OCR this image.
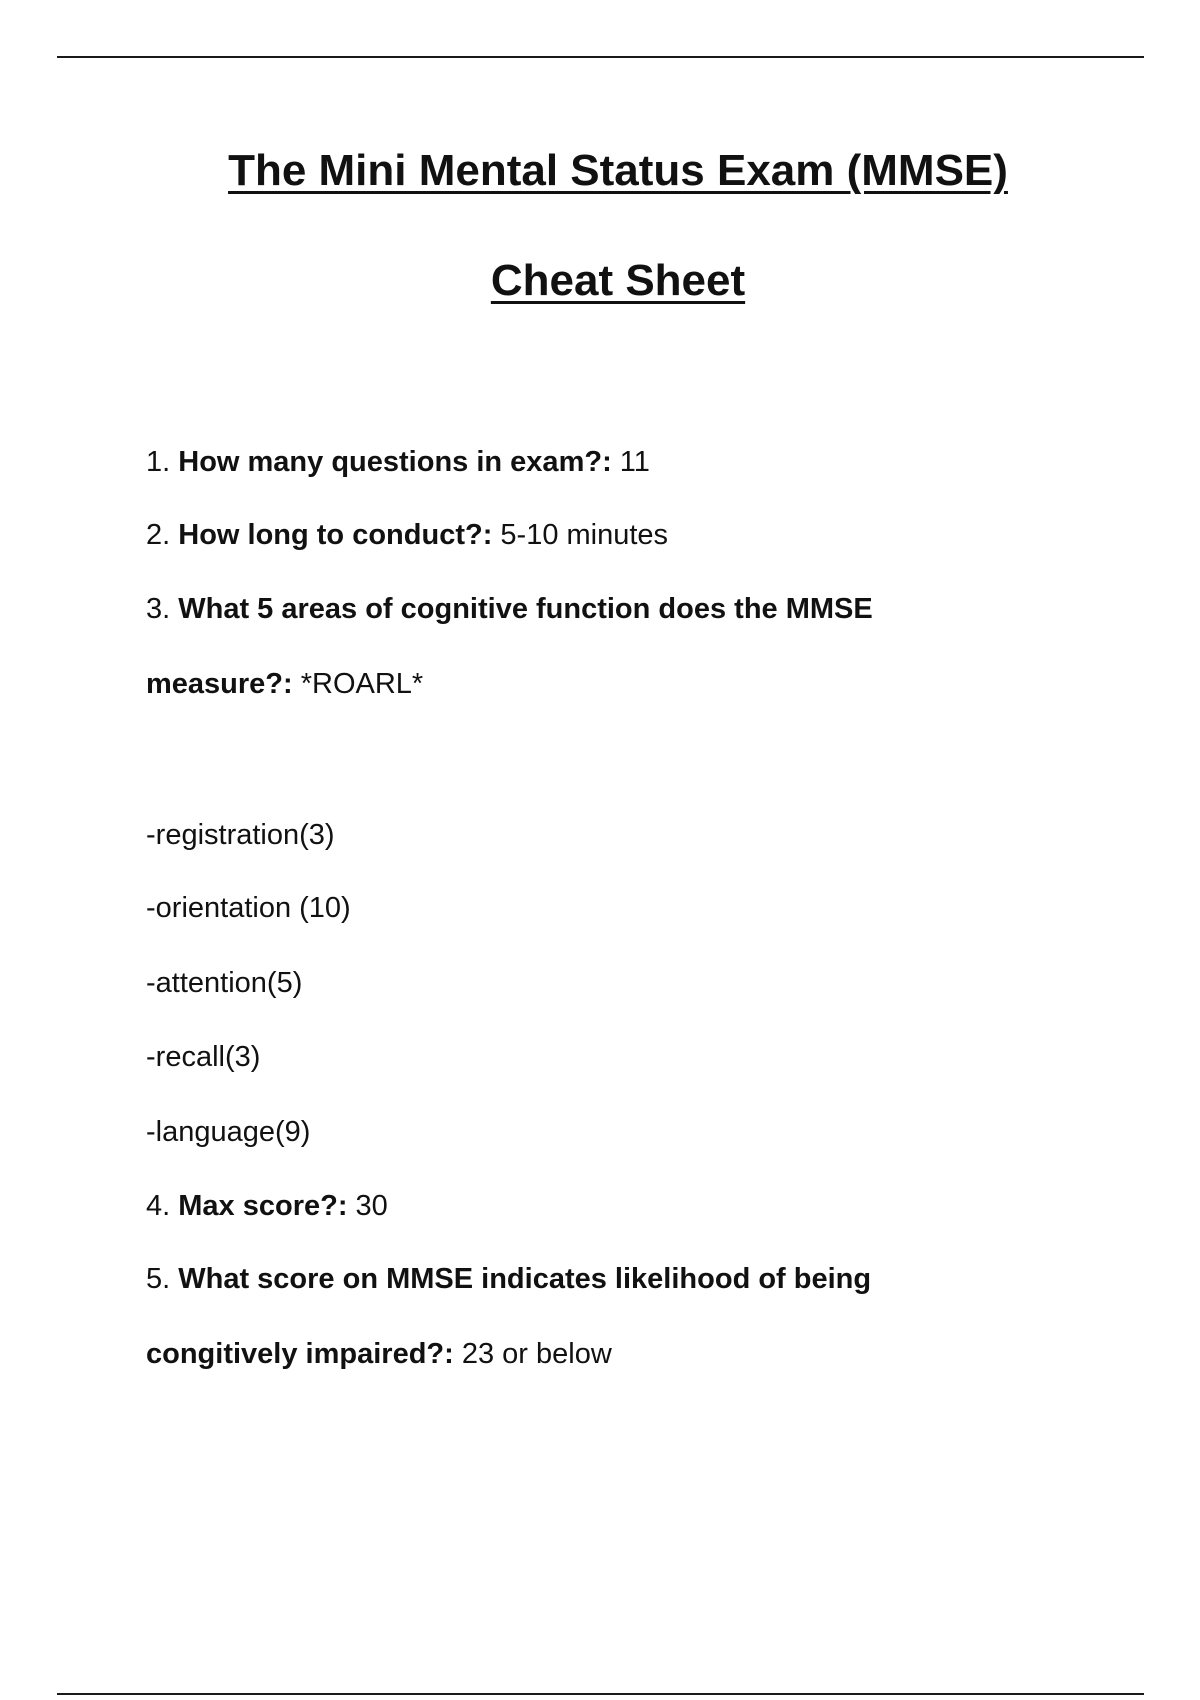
The Mini Mental Status Exam (MMSE)
Cheat Sheet
1. How many questions in exam?: 11
2. How long to conduct?: 5-10 minutes
3. What 5 areas of cognitive function does the MMSE
measure?: *ROARL*
-registration(3)
-orientation (10)
-attention(5)
-recall(3)
-language(9)
4. Max score?: 30
5. What score on MMSE indicates likelihood of being
congitively impaired?: 23 or below
